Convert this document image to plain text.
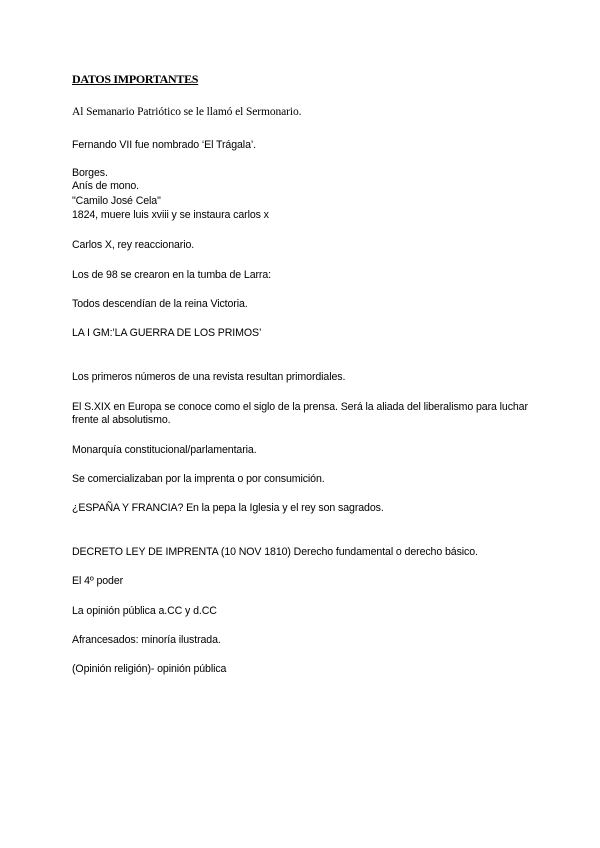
DATOS IMPORTANTES
Al Semanario Patriótico se le llamó el Sermonario.
Fernando VII fue nombrado ‘El Trágala’.
Borges.
Anís de mono.
"Camilo José Cela"
1824, muere luis xviii y se instaura carlos x
Carlos X, rey reaccionario.
Los de 98 se crearon en la tumba de Larra:
Todos descendían de la reina Victoria.
LA I GM:’LA GUERRA DE LOS PRIMOS’
Los primeros números de una revista resultan primordiales.
El S.XIX en Europa se conoce como el siglo de la prensa. Será la aliada del liberalismo para luchar frente al absolutismo.
Monarquía constitucional/parlamentaria.
Se comercializaban por la imprenta o por consumición.
¿ESPAÑA Y FRANCIA? En la pepa la Iglesia y el rey son sagrados.
DECRETO LEY DE IMPRENTA (10 NOV 1810) Derecho fundamental o derecho básico.
El 4º poder
La opinión pública a.CC y d.CC
Afrancesados: minoría ilustrada.
(Opinión religión)- opinión pública
